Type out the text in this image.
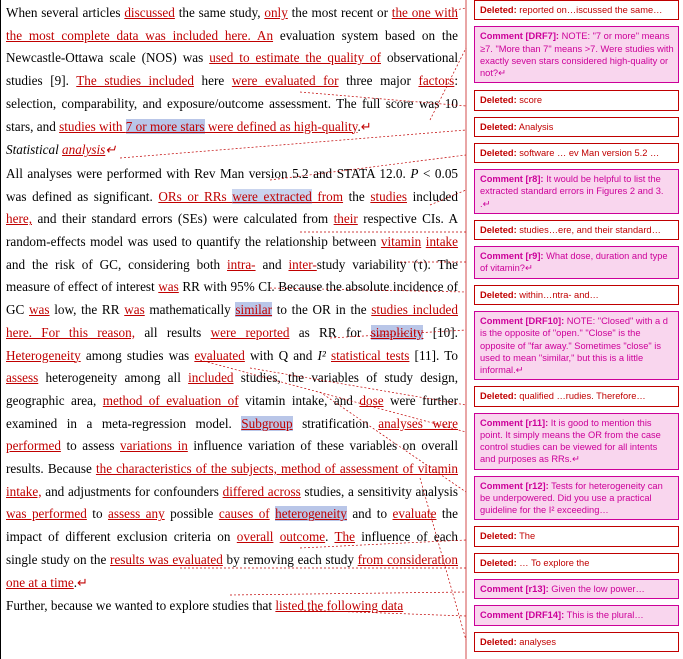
When several articles discussed the same study, only the most recent or the one with the most complete data was included here. An evaluation system based on the Newcastle-Ottawa scale (NOS) was used to estimate the quality of observational studies [9]. The studies included here were evaluated for three major factors: selection, comparability, and exposure/outcome assessment. The full score was 10 stars, and studies with 7 or more stars were defined as high-quality.↵

Statistical analysis↵

All analyses were performed with Rev Man version 5.2 and STATA 12.0. P < 0.05 was defined as significant. ORs or RRs were extracted from the studies included here, and their standard errors (SEs) were calculated from their respective CIs. A random-effects model was used to quantify the relationship between vitamin intake and the risk of GC, considering both intra- and inter-study variability (τ). The measure of effect of interest was RR with 95% CI. Because the absolute incidence of GC was low, the RR was mathematically similar to the OR in the studies included here. For this reason, all results were reported as RR for simplicity [10]. Heterogeneity among studies was evaluated with Q and I² statistical tests [11]. To assess heterogeneity among all included studies, the variables of study design, geographic area, method of evaluation of vitamin intake, and dose were further examined in a meta-regression model. Subgroup stratification analyses were performed to assess variations in influence variation of these variables on overall results. Because the characteristics of the subjects, method of assessment of vitamin intake, and adjustments for confounders differed across studies, a sensitivity analysis was performed to assess any possible causes of heterogeneity and to evaluate the impact of different exclusion criteria on overall outcome. The influence of each single study on the results was evaluated by removing each study from consideration one at a time.↵

Further, because we wanted to explore studies that listed the following data

Deleted: reported on…iscussed the same…
Comment [DRF7]: NOTE: "7 or more" means ≥7. "More than 7" means >7. Were studies with exactly seven stars considered high-quality or not?↵
Deleted: score
Deleted: Analysis
Deleted: software … ev Man version 5.2 …
Comment [r8]: It would be helpful to list the extracted standard errors in Figures 2 and 3. .↵
Deleted: studies…ere, and their standard…
Comment [r9]: What dose, duration and type of vitamin?↵
Deleted: within…ntra- and…
Comment [DRF10]: NOTE: "Closed" with a d is the opposite of "open." "Close" is the opposite of "far away." Sometimes "close" is used to mean "similar," but this is a little informal.↵
Deleted: qualified …rudies. Therefore…
Comment [r11]: It is good to mention this point. It simply means the OR from the case control studies can be viewed for all intents and purposes as RRs.↵
Comment [r12]: Tests for heterogeneity can be underpowered. Did you use a practical guideline for the I² exceeding…
Deleted: The
Deleted: … To explore the
Comment [r13]: Given the low power…
Comment [DRF14]: This is the plural…
Deleted: analyses
